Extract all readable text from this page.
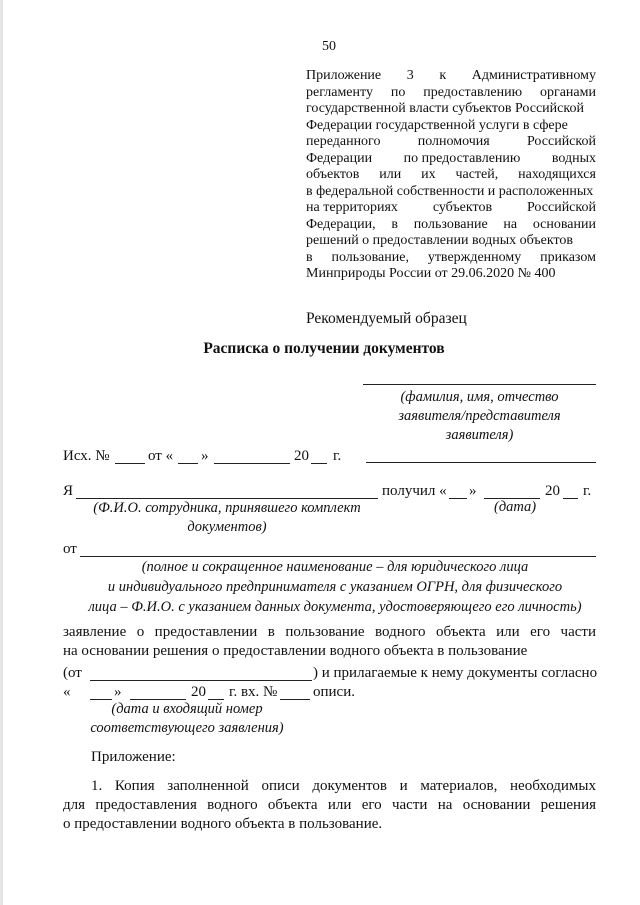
50
Приложение 3 к Административному
регламенту по предоставлению органами
государственной власти субъектов Российской
Федерации государственной услуги в сфере
переданного	полномочия	Российской
Федерации по предоставлению водных
объектов или их частей, находящихся
в федеральной собственности и расположенных
на территориях субъектов Российской
Федерации, в пользование на основании
решений о предоставлении водных объектов
в пользование, утвержденному приказом
Минприроды России от 29.06.2020 № 400
Рекомендуемый образец
Расписка о получении документов
(фамилия, имя, отчество
заявителя/представителя
заявителя)
Исх. №	от « »	20 г.
Я	получил « »	20 г.
(Ф.И.О. сотрудника, принявшего комплект
документов)
(дата)
от
(полное и сокращенное наименование – для юридического лица
и индивидуального предпринимателя с указанием ОГРН, для физического
лица – Ф.И.О. с указанием данных документа, удостоверяющего его личность)
заявление о предоставлении в пользование водного объекта или его части
на основании решения о предоставлении водного объекта в пользование
(от	) и прилагаемые к нему документы согласно
«	»	20 г. вх. № описи.
(дата и входящий номер
соответствующего заявления)
Приложение:
1. Копия заполненной описи документов и материалов, необходимых
для предоставления водного объекта или его части на основании решения
о предоставлении водного объекта в пользование.
